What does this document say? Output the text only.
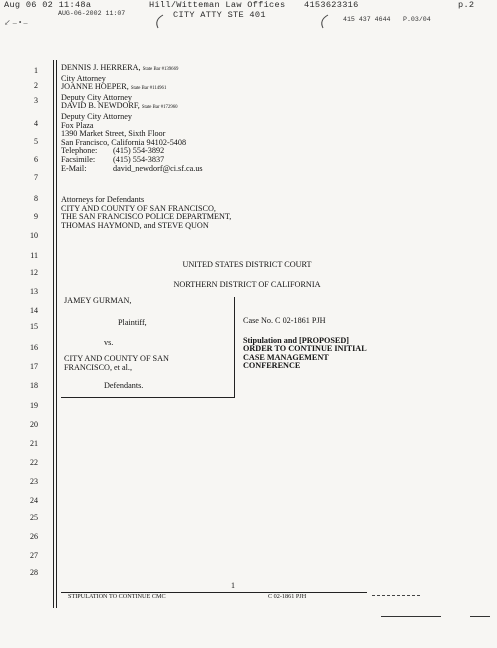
Aug 06 02 11:48a	Hill/Witteman Law Offices 4153623316	p.2
AUG-06-2002 11:07	CITY ATTY STE 401	415 437 4644 P.03/04
↙ – • –
1
2
3
4
5
6
7
8
9
10
11
12
13
14
15
16
17
18
19
20
21
22
23
24
25
26
27
28
DENNIS J. HERRERA, State Bar #139669
City Attorney
JOANNE HOEPER, State Bar #114961
Deputy City Attorney
DAVID B. NEWDORF, State Bar #172960
Deputy City Attorney
Fox Plaza
1390 Market Street, Sixth Floor
San Francisco, California 94102-5408
Telephone: (415) 554-3892
Facsimile: (415) 554-3837
E-Mail:	david_newdorf@ci.sf.ca.us
Attorneys for Defendants
CITY AND COUNTY OF SAN FRANCISCO,
THE SAN FRANCISCO POLICE DEPARTMENT,
THOMAS HAYMOND, and STEVE QUON
UNITED STATES DISTRICT COURT
NORTHERN DISTRICT OF CALIFORNIA
JAMEY GURMAN,
Plaintiff,
vs.
CITY AND COUNTY OF SAN
FRANCISCO, et al.,
Defendants.
Case No. C 02-1861 PJH
Stipulation and [PROPOSED]
ORDER TO CONTINUE INITIAL
CASE MANAGEMENT
CONFERENCE
1
STIPULATION TO CONTINUE CMC	C 02-1861 PJH
